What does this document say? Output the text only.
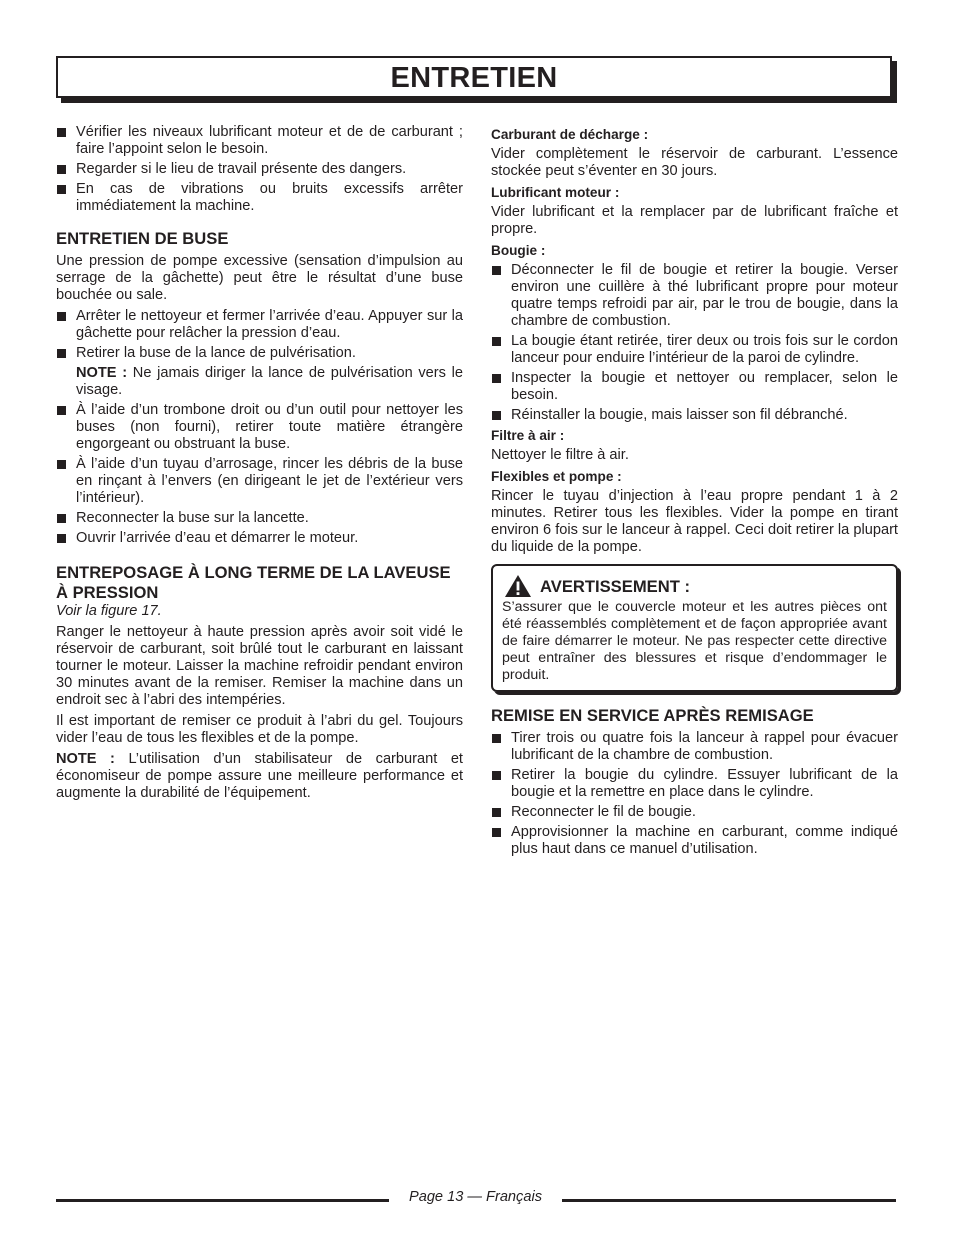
ENTRETIEN
Vérifier les niveaux lubrificant moteur et de de carburant ; faire l’appoint selon le besoin.
Regarder si le lieu de travail présente des dangers.
En cas de vibrations ou bruits excessifs arrêter immédiatement la machine.
ENTRETIEN DE BUSE

Une pression de pompe excessive (sensation d’impulsion au serrage de la gâchette) peut être le résultat d’une buse bouchée ou sale.

Arrêter le nettoyeur et fermer l’arrivée d’eau. Appuyer sur la gâchette pour relâcher la pression d’eau.
Retirer la buse de la lance de pulvérisation.
NOTE : Ne jamais diriger la lance de pulvérisation vers le visage.
À l’aide d’un trombone droit ou d’un outil pour nettoyer les buses (non fourni), retirer toute matière étrangère engorgeant ou obstruant la buse.
À l’aide d’un tuyau d’arrosage, rincer les débris de la buse en rinçant à l’envers (en dirigeant le jet de l’extérieur vers l’intérieur).
Reconnecter la buse sur la lancette.
Ouvrir l’arrivée d’eau et démarrer le moteur.
ENTREPOSAGE À LONG TERME DE LA LAVEUSE À PRESSION

Voir la figure 17.

Ranger le nettoyeur à haute pression après avoir soit vidé le réservoir de carburant, soit brûlé tout le carburant en laissant tourner le moteur. Laisser la machine refroidir pendant environ 30 minutes avant de la remiser. Remiser la machine dans un endroit sec à l’abri des intempéries.

Il est important de remiser ce produit à l’abri du gel. Toujours vider l’eau de tous les flexibles et de la pompe.

NOTE : L’utilisation d’un stabilisateur de carburant et économiseur de pompe assure une meilleure performance et augmente la durabilité de l’équipement.

Carburant de décharge :

Vider complètement le réservoir de carburant. L’essence stockée peut s’éventer en 30 jours.

Lubrificant moteur :

Vider lubrificant et la remplacer par de lubrificant fraîche et propre.

Bougie :
Déconnecter le fil de bougie et retirer la bougie. Verser environ une cuillère à thé lubrificant propre pour moteur quatre temps refroidi par air, par le trou de bougie, dans la chambre de combustion.
La bougie étant retirée, tirer deux ou trois fois sur le cordon lanceur pour enduire l’intérieur de la paroi de cylindre.
Inspecter la bougie et nettoyer ou remplacer, selon le besoin.
Réinstaller la bougie, mais laisser son fil débranché.
Filtre à air :

Nettoyer le filtre à air.

Flexibles et pompe :

Rincer le tuyau d’injection à l’eau propre pendant 1 à 2 minutes. Retirer tous les flexibles. Vider la pompe en tirant environ 6 fois sur le lanceur à rappel. Ceci doit retirer la plupart du liquide de la pompe.

AVERTISSEMENT :

S’assurer que le couvercle moteur et les autres pièces ont été réassemblés complètement et de façon appropriée avant de faire démarrer le moteur. Ne pas respecter cette directive peut entraîner des blessures et risque d’endommager le produit.

REMISE EN SERVICE APRÈS REMISAGE
Tirer trois ou quatre fois la lanceur à rappel pour évacuer lubrificant de la chambre de combustion.
Retirer la bougie du cylindre. Essuyer lubrificant de la bougie et la remettre en place dans le cylindre.
Reconnecter le fil de bougie.
Approvisionner la machine en carburant, comme indiqué plus haut dans ce manuel d’utilisation.
Page 13 — Français
